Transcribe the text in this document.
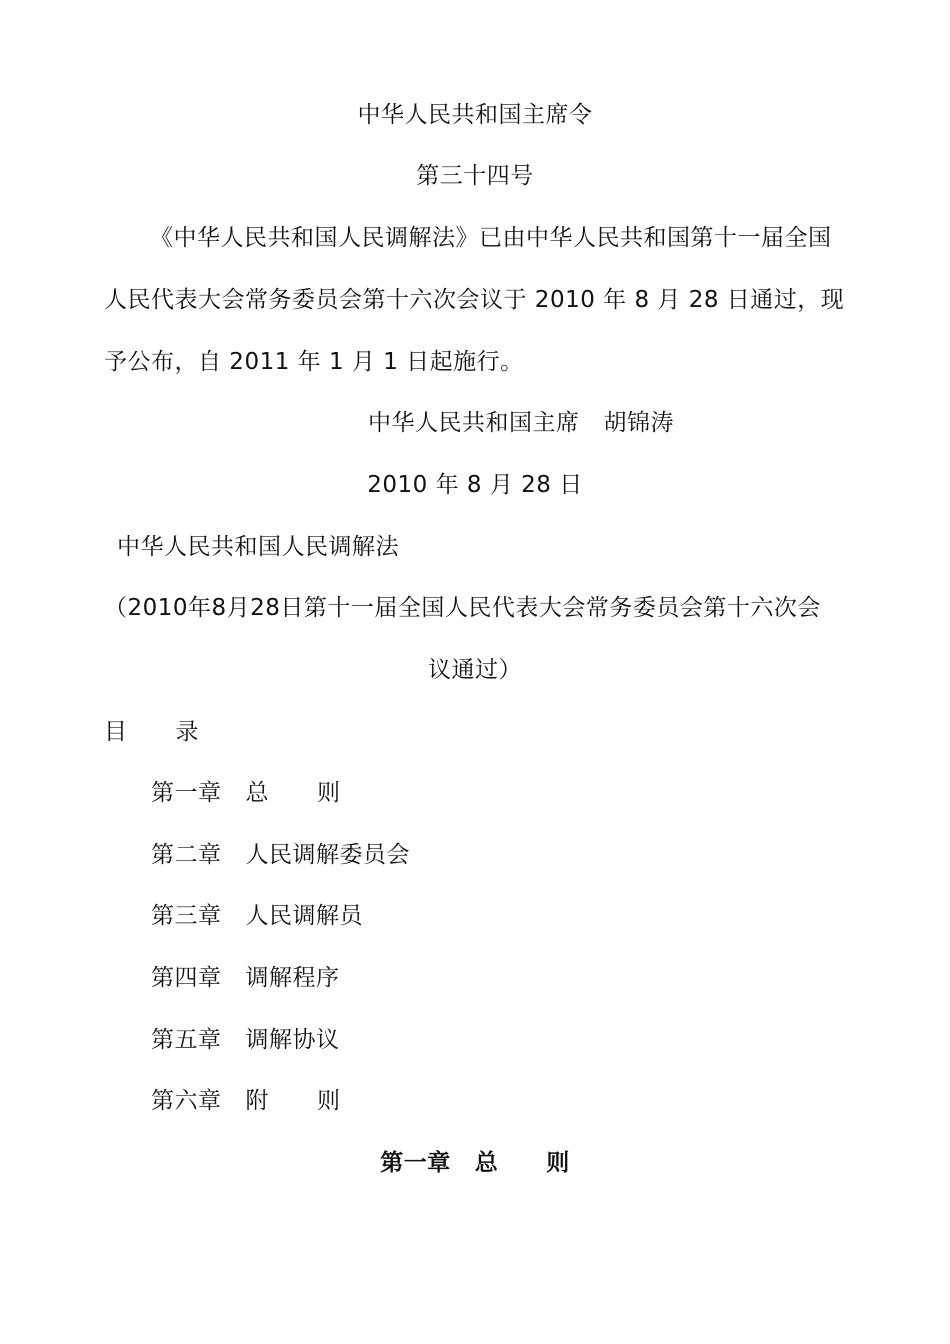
中华人民共和国主席令
第三十四号
《中华人民共和国人民调解法》已由中华人民共和国第十一届全国
人民代表大会常务委员会第十六次会议于 2010 年 8 月 28 日通过，现
予公布，自 2011 年 1 月 1 日起施行。
中华人民共和国主席 胡锦涛
2010 年 8 月 28 日
中华人民共和国人民调解法
（2010年8月28日第十一届全国人民代表大会常务委员会第十六次会
议通过）
目 录
第一章 总 则
第二章 人民调解委员会
第三章 人民调解员
第四章 调解程序
第五章 调解协议
第六章 附 则
第一章 总 则
